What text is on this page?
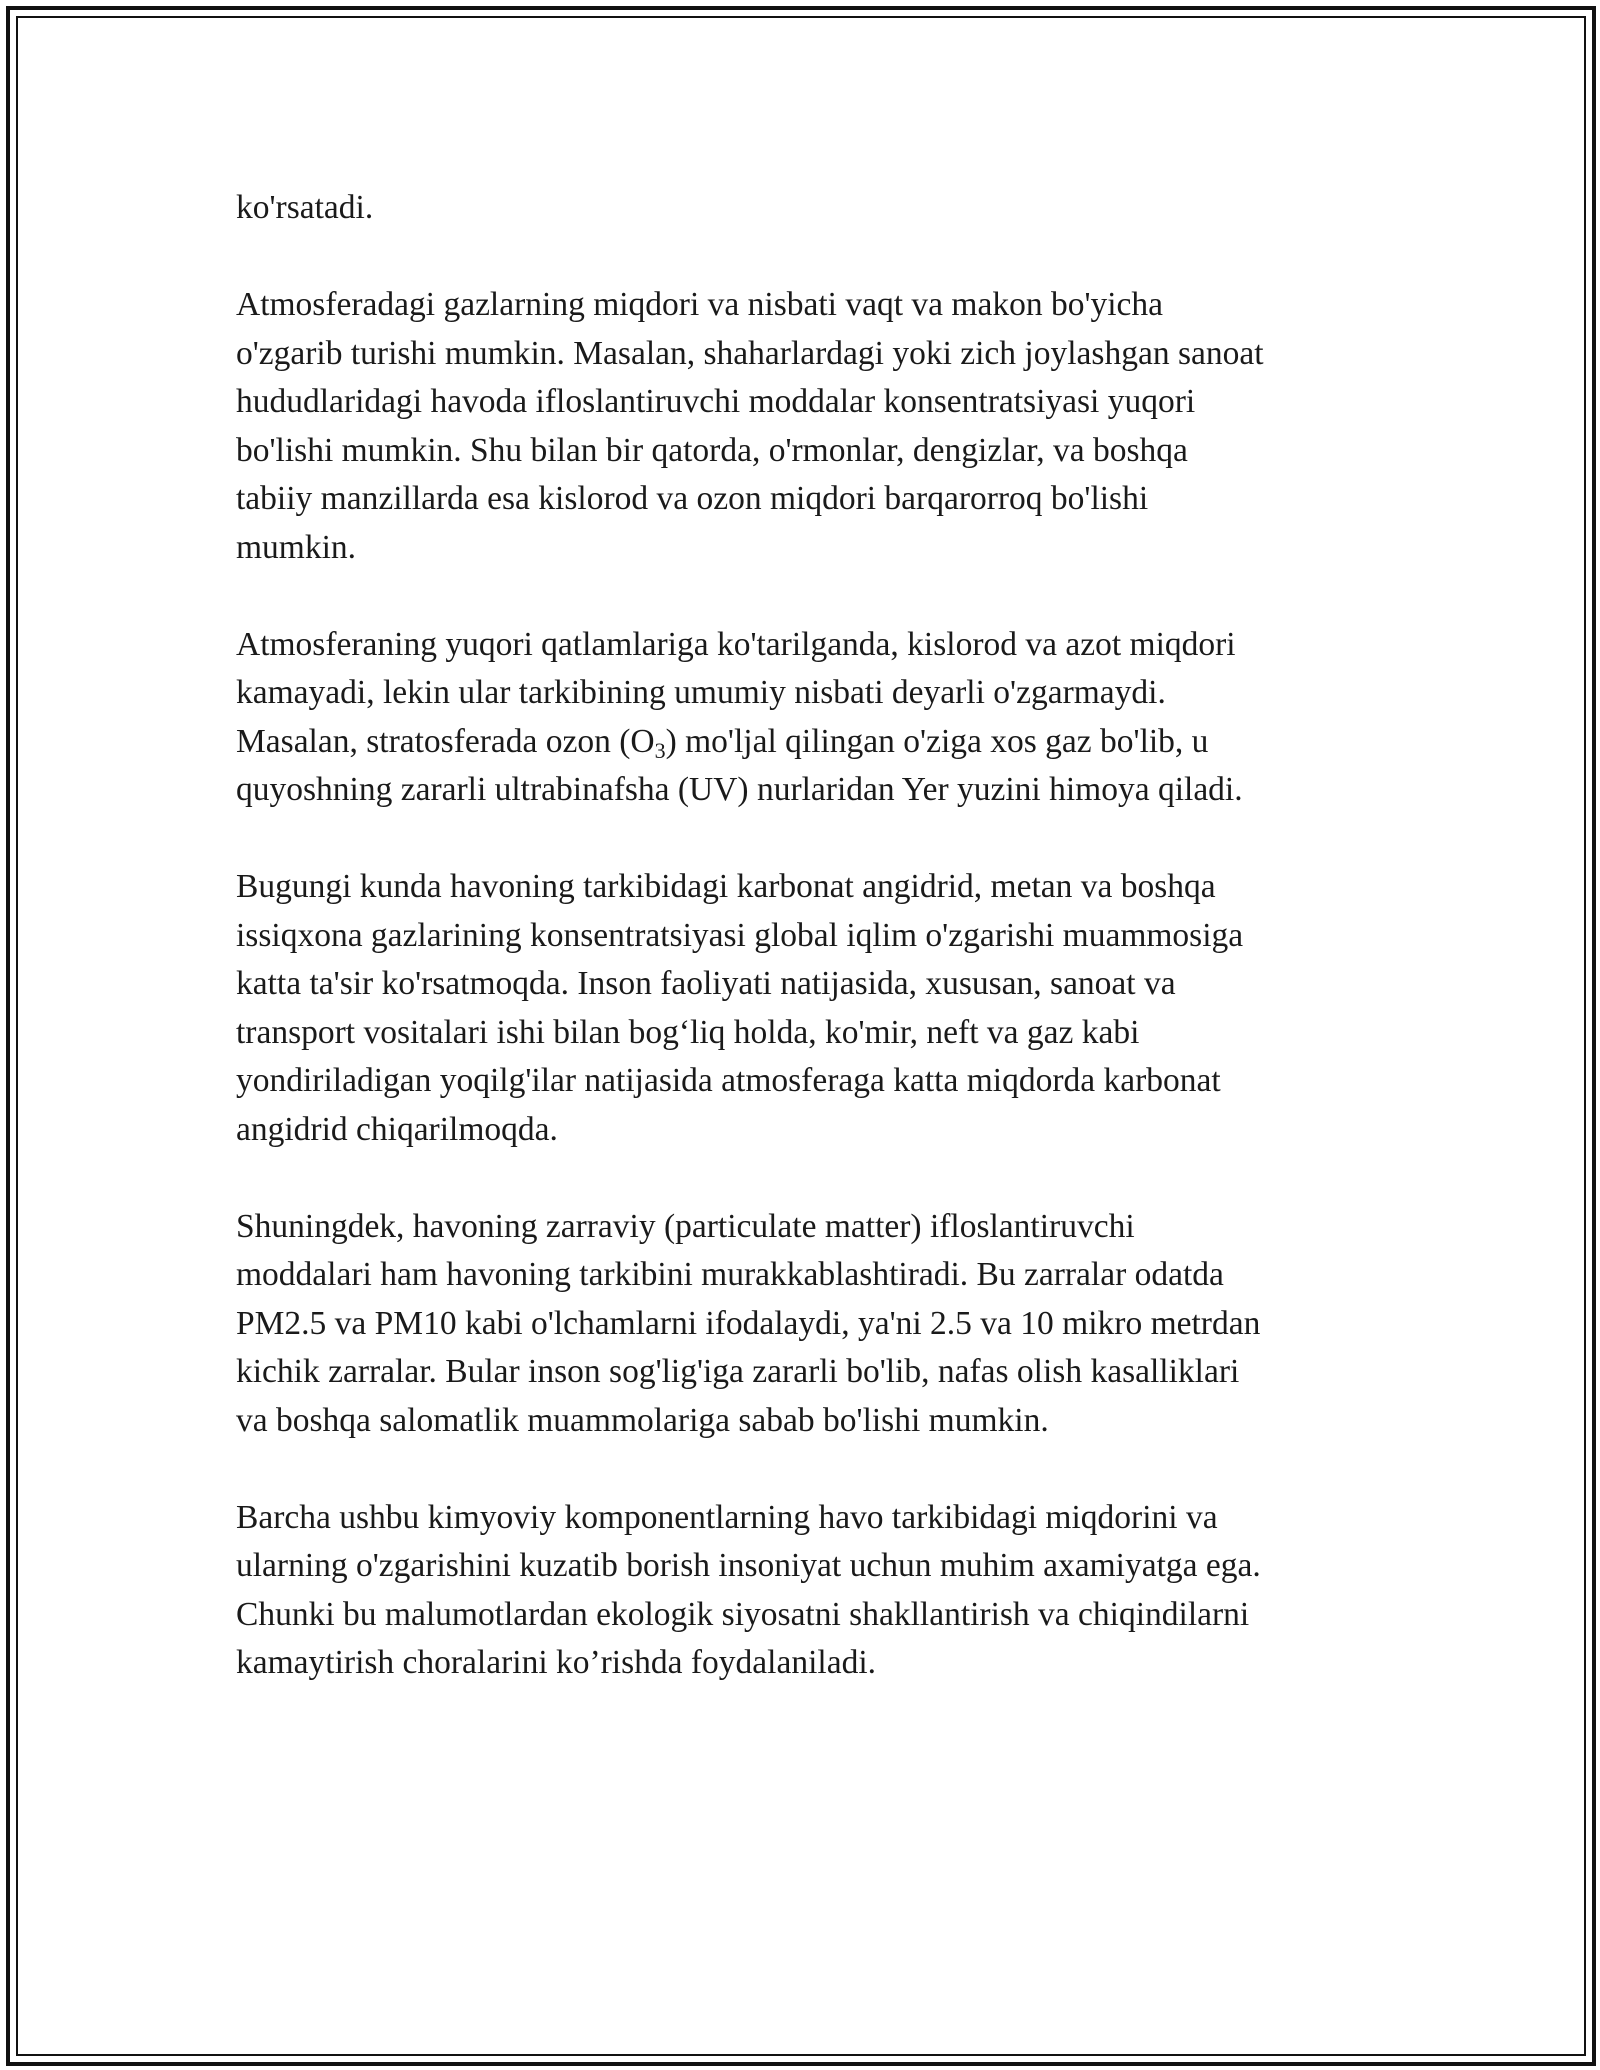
ko'rsatadi.

Atmosferadagi gazlarning miqdori va nisbati vaqt va makon bo'yicha
o'zgarib turishi mumkin. Masalan, shaharlardagi yoki zich joylashgan sanoat
hududlaridagi havoda ifloslantiruvchi moddalar konsentratsiyasi yuqori
bo'lishi mumkin. Shu bilan bir qatorda, o'rmonlar, dengizlar, va boshqa
tabiiy manzillarda esa kislorod va ozon miqdori barqarorroq bo'lishi
mumkin.

Atmosferaning yuqori qatlamlariga ko'tarilganda, kislorod va azot miqdori
kamayadi, lekin ular tarkibining umumiy nisbati deyarli o'zgarmaydi.
Masalan, stratosferada ozon $(O_3)$ mo'ljal qilingan o'ziga xos gaz bo'lib, u
quyoshning zararli ultrabinafsha (UV) nurlaridan Yer yuzini himoya qiladi.

Bugungi kunda havoning tarkibidagi karbonat angidrid, metan va boshqa
issiqxona gazlarining konsentratsiyasi global iqlim o'zgarishi muammosiga
katta ta'sir ko'rsatmoqda. Inson faoliyati natijasida, xususan, sanoat va
transport vositalari ishi bilan bog‘liq holda, ko'mir, neft va gaz kabi
yondiriladigan yoqilg'ilar natijasida atmosferaga katta miqdorda karbonat
angidrid chiqarilmoqda.

Shuningdek, havoning zarraviy (particulate matter) ifloslantiruvchi
moddalari ham havoning tarkibini murakkablashtiradi. Bu zarralar odatda
PM2.5 va PM10 kabi o'lchamlarni ifodalaydi, ya'ni 2.5 va 10 mikro metrdan
kichik zarralar. Bular inson sog'lig'iga zararli bo'lib, nafas olish kasalliklari
va boshqa salomatlik muammolariga sabab bo'lishi mumkin.

Barcha ushbu kimyoviy komponentlarning havo tarkibidagi miqdorini va
ularning o'zgarishini kuzatib borish insoniyat uchun muhim axamiyatga ega.
Chunki bu malumotlardan ekologik siyosatni shakllantirish va chiqindilarni
kamaytirish choralarini ko’rishda foydalaniladi.
